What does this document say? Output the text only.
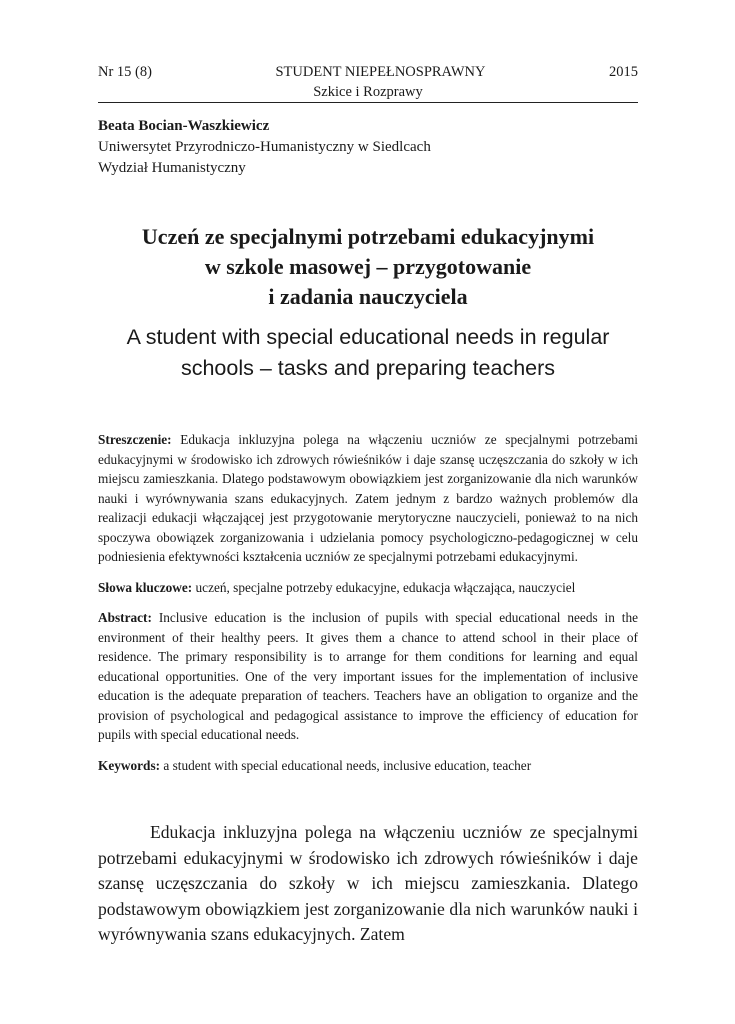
Nr 15 (8)	STUDENT NIEPEŁNOSPRAWNY	2015
Szkice i Rozprawy
Beata Bocian-Waszkiewicz
Uniwersytet Przyrodniczo-Humanistyczny w Siedlcach
Wydział Humanistyczny
Uczeń ze specjalnymi potrzebami edukacyjnymi
w szkole masowej – przygotowanie
i zadania nauczyciela
A student with special educational needs in regular
schools – tasks and preparing teachers

Streszczenie: Edukacja inkluzyjna polega na włączeniu uczniów ze specjalnymi potrzebami edukacyjnymi w środowisko ich zdrowych rówieśników i daje szansę uczęszczania do szkoły w ich miejscu zamieszkania. Dlatego podstawowym obowiązkiem jest zorganizowanie dla nich warunków nauki i wyrównywania szans edukacyjnych. Zatem jednym z bardzo ważnych problemów dla realizacji edukacji włączającej jest przygotowanie merytoryczne nauczycieli, ponieważ to na nich spoczywa obowiązek zorganizowania i udzielania pomocy psychologiczno-pedagogicznej w celu podniesienia efektywności kształcenia uczniów ze specjalnymi potrzebami edukacyjnymi.

Słowa kluczowe: uczeń, specjalne potrzeby edukacyjne, edukacja włączająca, nauczyciel

Abstract: Inclusive education is the inclusion of pupils with special educational needs in the environment of their healthy peers. It gives them a chance to attend school in their place of residence. The primary responsibility is to arrange for them conditions for learning and equal educational opportunities. One of the very important issues for the implementation of inclusive education is the adequate preparation of teachers. Teachers have an obligation to organize and the provision of psychological and pedagogical assistance to improve the efficiency of education for pupils with special educational needs.

Keywords: a student with special educational needs, inclusive education, teacher

Edukacja inkluzyjna polega na włączeniu uczniów ze specjalnymi potrzebami edukacyjnymi w środowisko ich zdrowych rówieśników i daje szansę uczęszczania do szkoły w ich miejscu zamieszkania. Dlatego podstawowym obowiązkiem jest zorganizowanie dla nich warunków nauki i wyrównywania szans edukacyjnych. Zatem
